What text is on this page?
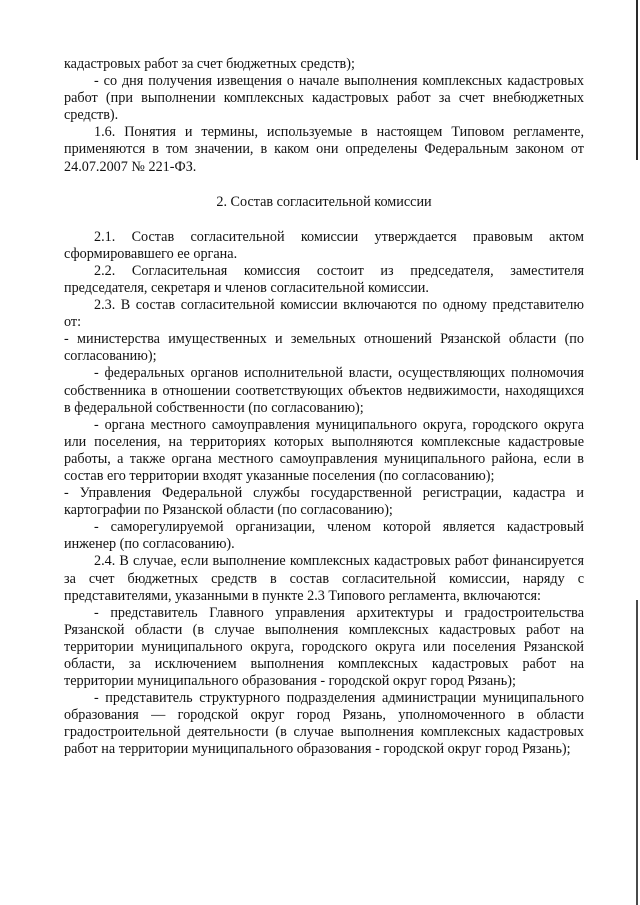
кадастровых работ за счет бюджетных средств);

- со дня получения извещения о начале выполнения комплексных кадастровых работ (при выполнении комплексных кадастровых работ за счет внебюджетных средств).

1.6. Понятия и термины, используемые в настоящем Типовом регламенте, применяются в том значении, в каком они определены Федеральным законом от 24.07.2007 № 221-ФЗ.

2. Состав согласительной комиссии

2.1. Состав согласительной комиссии утверждается правовым актом сформировавшего ее органа.

2.2. Согласительная комиссия состоит из председателя, заместителя председателя, секретаря и членов согласительной комиссии.

2.3. В состав согласительной комиссии включаются по одному представителю от:

- министерства имущественных и земельных отношений Рязанской области (по согласованию);

- федеральных органов исполнительной власти, осуществляющих полномочия собственника в отношении соответствующих объектов недвижимости, находящихся в федеральной собственности (по согласованию);

- органа местного самоуправления муниципального округа, городского округа или поселения, на территориях которых выполняются комплексные кадастровые работы, а также органа местного самоуправления муниципального района, если в состав его территории входят указанные поселения (по согласованию);

- Управления Федеральной службы государственной регистрации, кадастра и картографии по Рязанской области (по согласованию);

- саморегулируемой организации, членом которой является кадастровый инженер (по согласованию).

2.4. В случае, если выполнение комплексных кадастровых работ финансируется за счет бюджетных средств в состав согласительной комиссии, наряду с представителями, указанными в пункте 2.3 Типового регламента, включаются:

- представитель Главного управления архитектуры и градостроительства Рязанской области (в случае выполнения комплексных кадастровых работ на территории муниципального округа, городского округа или поселения Рязанской области, за исключением выполнения комплексных кадастровых работ на территории муниципального образования - городской округ город Рязань);

- представитель структурного подразделения администрации муниципального образования — городской округ город Рязань, уполномоченного в области градостроительной деятельности (в случае выполнения комплексных кадастровых работ на территории муниципального образования - городской округ город Рязань);
